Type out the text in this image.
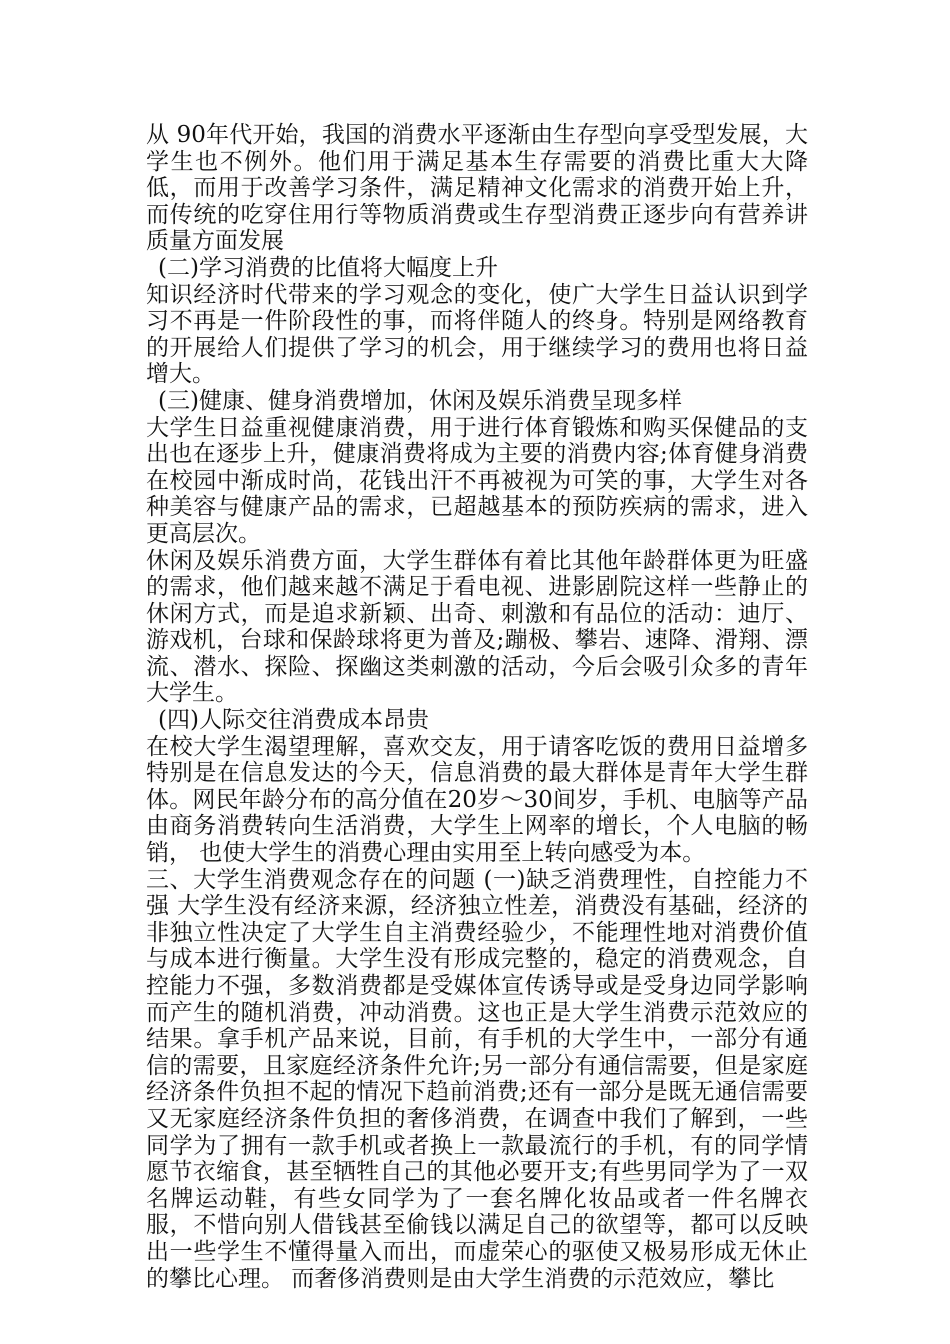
从 90年代开始，我国的消费水平逐渐由生存型向享受型发展，大学生也不例外。他们用于满足基本生存需要的消费比重大大降低，而用于改善学习条件，满足精神文化需求的消费开始上升，而传统的吃穿住用行等物质消费或生存型消费正逐步向有营养讲质量方面发展

(二)学习消费的比值将大幅度上升

知识经济时代带来的学习观念的变化，使广大学生日益认识到学习不再是一件阶段性的事，而将伴随人的终身。特别是网络教育的开展给人们提供了学习的机会，用于继续学习的费用也将日益增大。

(三)健康、健身消费增加，休闲及娱乐消费呈现多样

大学生日益重视健康消费，用于进行体育锻炼和购买保健品的支出也在逐步上升，健康消费将成为主要的消费内容;体育健身消费在校园中渐成时尚，花钱出汗不再被视为可笑的事，大学生对各种美容与健康产品的需求，已超越基本的预防疾病的需求，进入更高层次。

休闲及娱乐消费方面，大学生群体有着比其他年龄群体更为旺盛的需求，他们越来越不满足于看电视、进影剧院这样一些静止的休闲方式，而是追求新颖、出奇、刺激和有品位的活动：迪厅、游戏机，台球和保龄球将更为普及;蹦极、攀岩、速降、滑翔、漂流、潜水、探险、探幽这类刺激的活动，今后会吸引众多的青年大学生。

(四)人际交往消费成本昂贵

在校大学生渴望理解，喜欢交友，用于请客吃饭的费用日益增多特别是在信息发达的今天，信息消费的最大群体是青年大学生群体。网民年龄分布的高分值在20岁～30间岁，手机、电脑等产品由商务消费转向生活消费，大学生上网率的增长，个人电脑的畅销， 也使大学生的消费心理由实用至上转向感受为本。

三、大学生消费观念存在的问题 (一)缺乏消费理性，自控能力不强 大学生没有经济来源，经济独立性差，消费没有基础，经济的非独立性决定了大学生自主消费经验少，不能理性地对消费价值与成本进行衡量。大学生没有形成完整的，稳定的消费观念，自控能力不强，多数消费都是受媒体宣传诱导或是受身边同学影响而产生的随机消费，冲动消费。这也正是大学生消费示范效应的结果。拿手机产品来说，目前，有手机的大学生中，一部分有通信的需要，且家庭经济条件允许;另一部分有通信需要，但是家庭经济条件负担不起的情况下趋前消费;还有一部分是既无通信需要又无家庭经济条件负担的奢侈消费，在调查中我们了解到，一些同学为了拥有一款手机或者换上一款最流行的手机，有的同学情愿节衣缩食，甚至牺牲自己的其他必要开支;有些男同学为了一双名牌运动鞋，有些女同学为了一套名牌化妆品或者一件名牌衣服，不惜向别人借钱甚至偷钱以满足自己的欲望等，都可以反映出一些学生不懂得量入而出，而虚荣心的驱使又极易形成无休止的攀比心理。 而奢侈消费则是由大学生消费的示范效应，攀比
